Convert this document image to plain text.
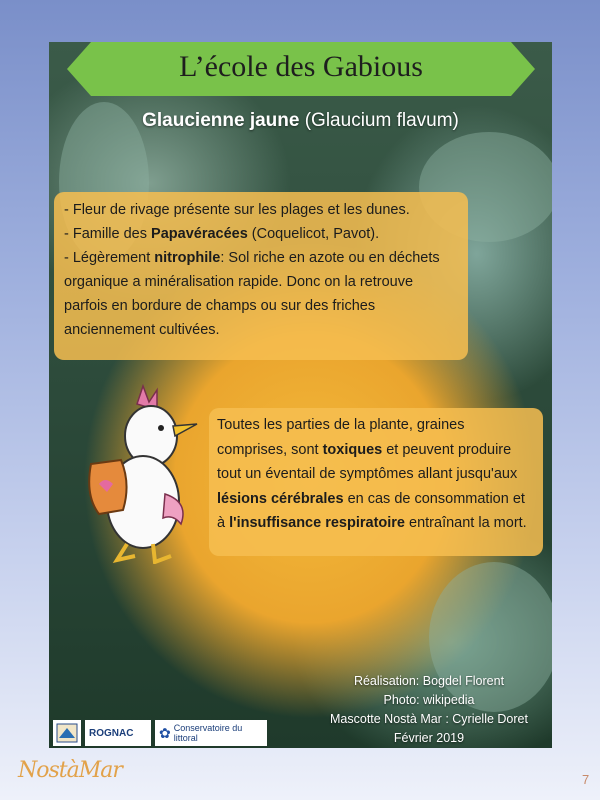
L’école des Gabious
Glaucienne jaune (Glaucium flavum)
- Fleur de rivage présente sur les plages et les dunes.
- Famille des Papavéracées (Coquelicot, Pavot).
- Légèrement nitrophile: Sol riche en azote ou en déchets organique a minéralisation rapide. Donc on la retrouve parfois en bordure de champs ou sur des friches anciennement cultivées.
Toutes les parties de la plante, graines comprises, sont toxiques et peuvent produire tout un éventail de symptômes allant jusqu'aux lésions cérébrales en cas de consommation et à l'insuffisance respiratoire entraînant la mort.
Réalisation: Bogdel Florent
Photo: wikipedia
Mascotte Nostà Mar : Cyrielle Doret
Février 2019
ROGNAC ✿ Conservatoire du littoral
NostàMar	7
